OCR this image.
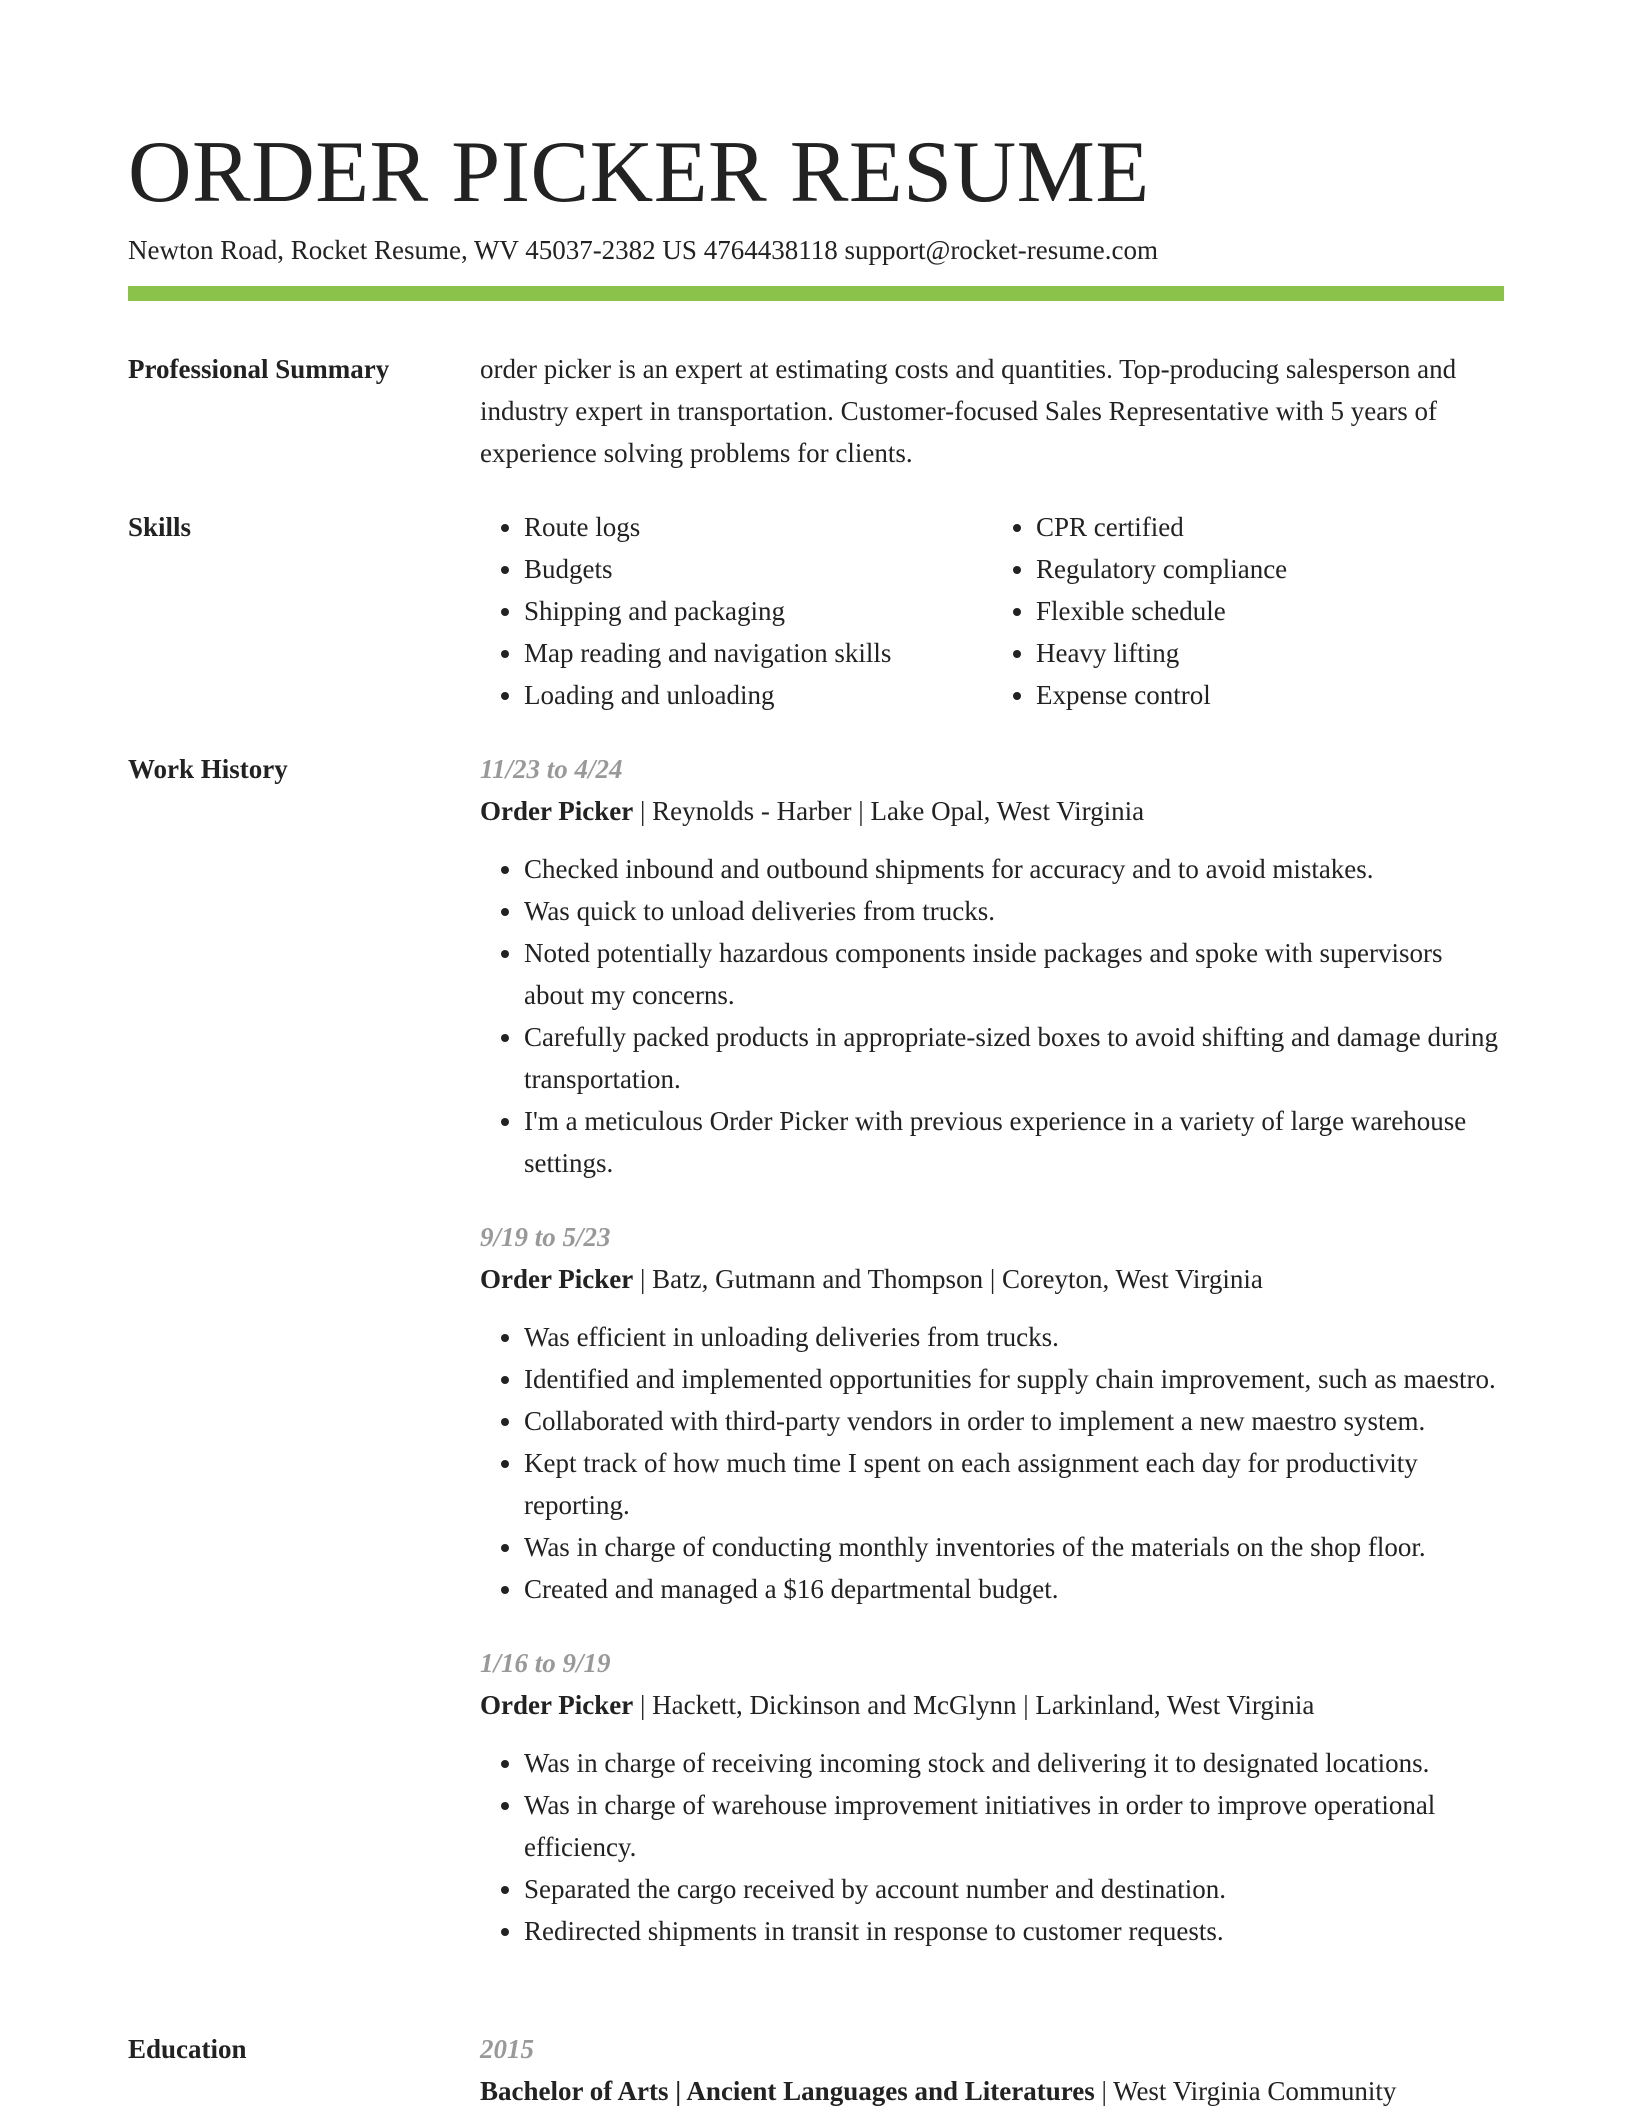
ORDER PICKER RESUME
Newton Road, Rocket Resume, WV 45037-2382 US 4764438118 support@rocket-resume.com
Professional Summary	order picker is an expert at estimating costs and quantities. Top-producing salesperson and industry expert in transportation. Customer-focused Sales Representative with 5 years of experience solving problems for clients.

Skills
•	Route logs
• Budgets
• Shipping and packaging
• Map reading and navigation skills
• Loading and unloading
• CPR certified
• Regulatory compliance
• Flexible schedule
• Heavy lifting
• Expense control
Work History	11/23 to 4/24

Order Picker | Reynolds - Harber | Lake Opal, West Virginia

• Checked inbound and outbound shipments for accuracy and to avoid mistakes.
• Was quick to unload deliveries from trucks.
• Noted potentially hazardous components inside packages and spoke with supervisors about my concerns.
• Carefully packed products in appropriate-sized boxes to avoid shifting and damage during transportation.
• I'm a meticulous Order Picker with previous experience in a variety of large warehouse settings.
9/19 to 5/23

Order Picker | Batz, Gutmann and Thompson | Coreyton, West Virginia

• Was efficient in unloading deliveries from trucks.
• Identified and implemented opportunities for supply chain improvement, such as maestro.
• Collaborated with third-party vendors in order to implement a new maestro system.
• Kept track of how much time I spent on each assignment each day for productivity reporting.
• Was in charge of conducting monthly inventories of the materials on the shop floor.
• Created and managed a $16 departmental budget.
1/16 to 9/19

Order Picker | Hackett, Dickinson and McGlynn | Larkinland, West Virginia

• Was in charge of receiving incoming stock and delivering it to designated locations.
• Was in charge of warehouse improvement initiatives in order to improve operational efficiency.
• Separated the cargo received by account number and destination.
• Redirected shipments in transit in response to customer requests.
Education	2015

Bachelor of Arts | Ancient Languages and Literatures | West Virginia Community
